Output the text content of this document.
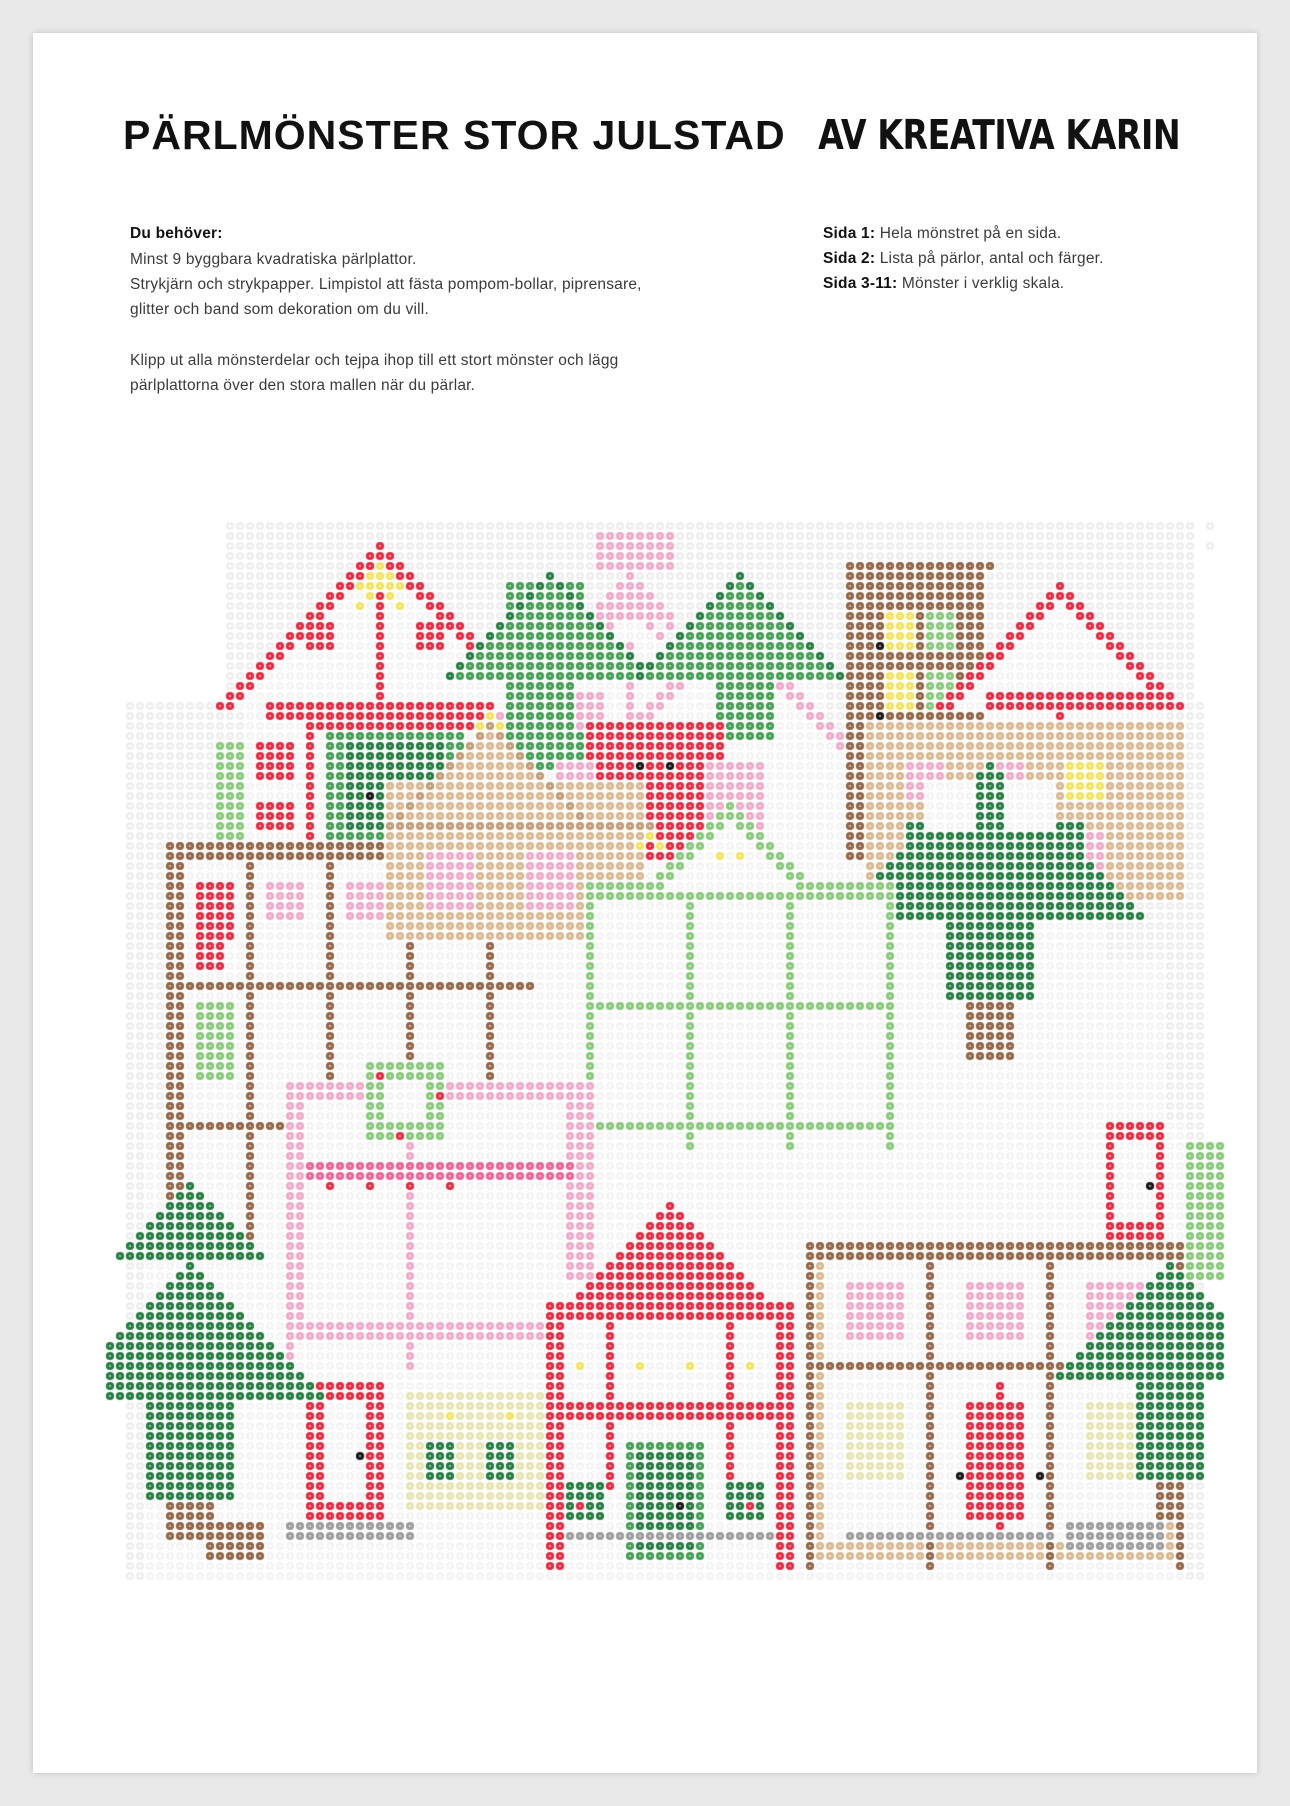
PÄRLMÖNSTER STOR JULSTAD AV KREATIVA KARIN
Du behöver:
Minst 9 byggbara kvadratiska pärlplattor.
Strykjärn och strykpapper. Limpistol att fästa pompom-bollar, piprensare,
glitter och band som dekoration om du vill.
Klipp ut alla mönsterdelar och tejpa ihop till ett stort mönster och lägg
pärlplattorna över den stora mallen när du pärlar.
Sida 1: Hela mönstret på en sida.
Sida 2: Lista på pärlor, antal och färger.
Sida 3-11: Mönster i verklig skala.
